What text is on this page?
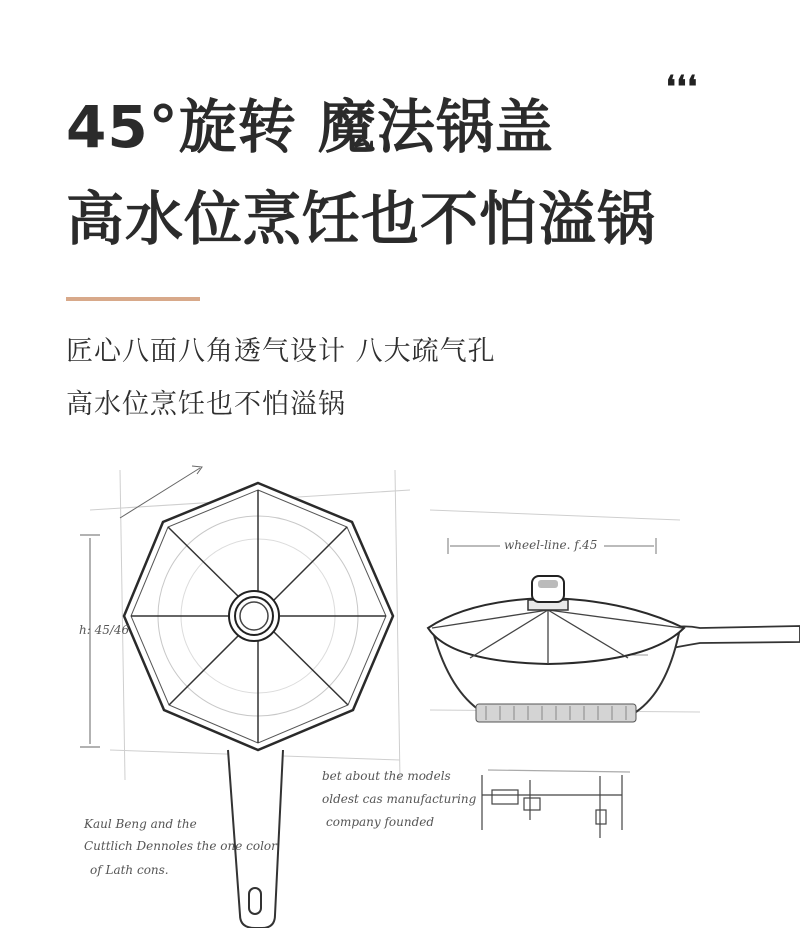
❛❛❛
45°旋转 魔法锅盖
高水位烹饪也不怕溢锅

匠心八面八角透气设计 八大疏气孔

高水位烹饪也不怕溢锅

h: 45/46
Kaul Beng and the
Cuttlich Dennoles the one color
of Lath cons.
wheel-line. f.45
bet about the models
oldest cas manufacturing
company founded
